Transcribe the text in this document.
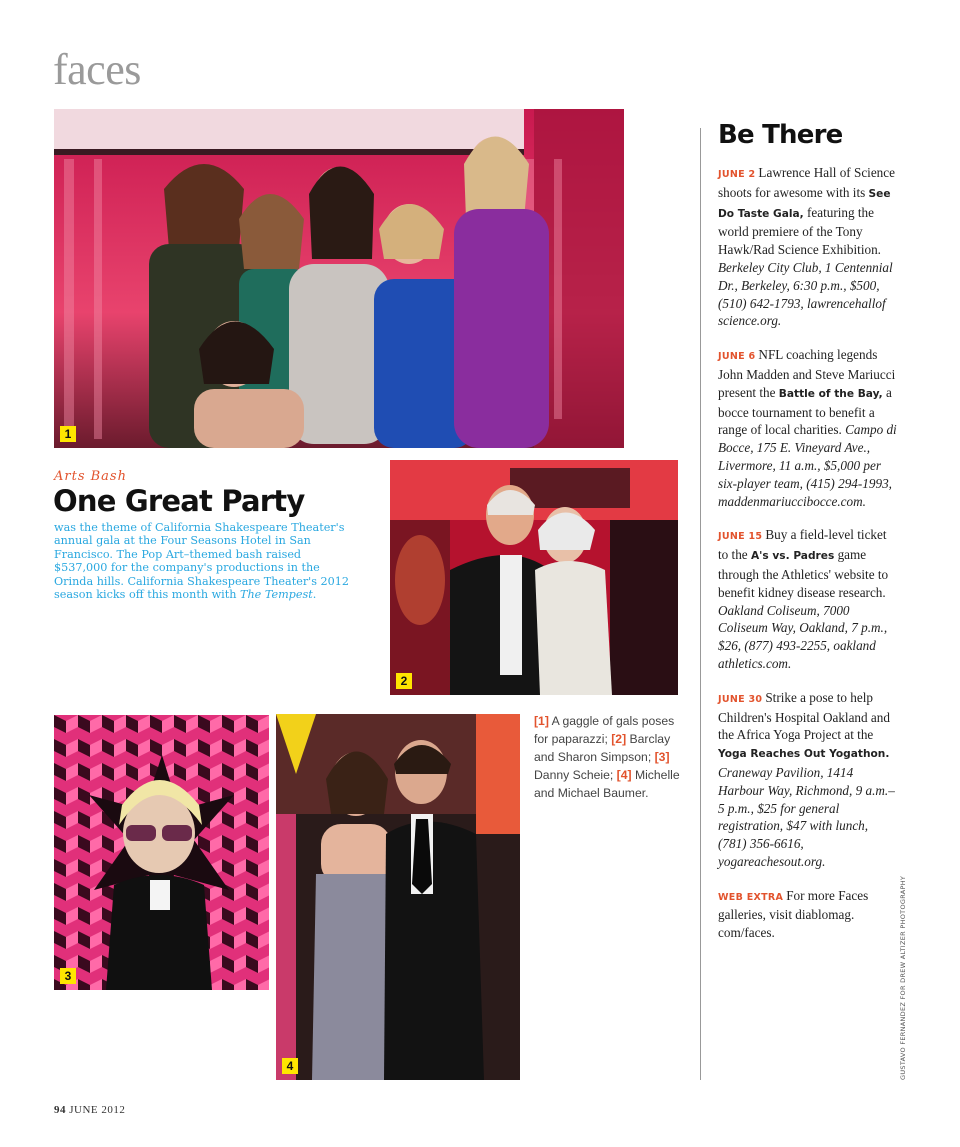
faces
1
2
3
4
Arts Bash
One Great Party

was the theme of California Shakespeare Theater's annual gala at the Four Seasons Hotel in San Francisco. The Pop Art–themed bash raised $537,000 for the company's productions in the Orinda hills. California Shakespeare Theater's 2012 season kicks off this month with The Tempest.

[1] A gaggle of gals poses for paparazzi; [2] Barclay and Sharon Simpson; [3] Danny Scheie; [4] Michelle and Michael Baumer.

Be There

JUNE 2 Lawrence Hall of Science shoots for awesome with its See Do Taste Gala, featuring the world premiere of the Tony Hawk/Rad Science Exhibition. Berkeley City Club, 1 Centennial Dr., Berkeley, 6:30 p.m., $500, (510) 642-1793, lawrencehallof science.org.

JUNE 6 NFL coaching legends John Madden and Steve Mariucci present the Battle of the Bay, a bocce tournament to benefit a range of local charities. Campo di Bocce, 175 E. Vineyard Ave., Livermore, 11 a.m., $5,000 per six-player team, (415) 294-1993, maddenmariuccibocce.com.

JUNE 15 Buy a field-level ticket to the A's vs. Padres game through the Athletics' website to benefit kidney disease research. Oakland Coliseum, 7000 Coliseum Way, Oakland, 7 p.m., $26, (877) 493-2255, oakland athletics.com.

JUNE 30 Strike a pose to help Children's Hospital Oakland and the Africa Yoga Project at the Yoga Reaches Out Yogathon. Craneway Pavilion, 1414 Harbour Way, Richmond, 9 a.m.–5 p.m., $25 for general registration, $47 with lunch, (781) 356-6616, yogareachesout.org.

WEB EXTRA For more Faces galleries, visit diablomag. com/faces.	GUSTAVO FERNANDEZ FOR DREW ALTIZER PHOTOGRAPHY
94 JUNE 2012
